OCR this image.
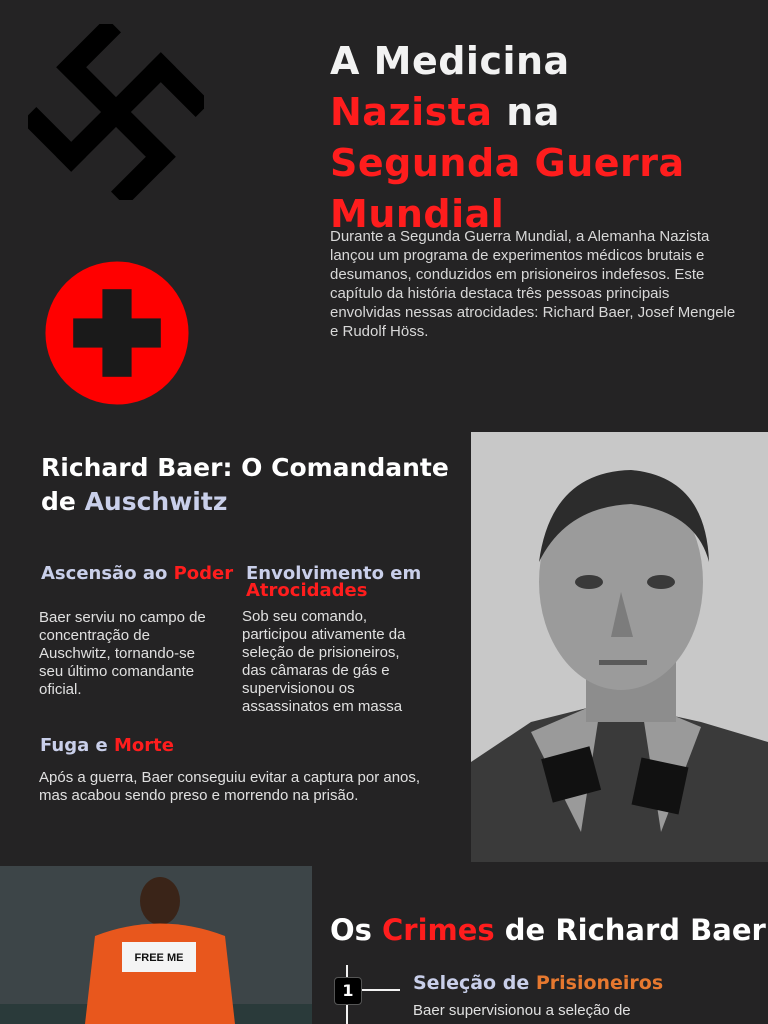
A Medicina
Nazista na
Segunda Guerra
Mundial

Durante a Segunda Guerra Mundial, a Alemanha Nazista lançou um programa de experimentos médicos brutais e desumanos, conduzidos em prisioneiros indefesos. Este capítulo da história destaca três pessoas principais envolvidas nessas atrocidades: Richard Baer, Josef Mengele e Rudolf Höss.

Richard Baer: O Comandante de Auschwitz
Ascensão ao Poder

Baer serviu no campo de concentração de Auschwitz, tornando-se seu último comandante oficial.

Envolvimento em Atrocidades

Sob seu comando, participou ativamente da seleção de prisioneiros, das câmaras de gás e supervisionou os assassinatos em massa

Fuga e Morte

Após a guerra, Baer conseguiu evitar a captura por anos, mas acabou sendo preso e morrendo na prisão.

FREE ME
Os Crimes de Richard Baer
1	Seleção de Prisioneiros

Baer supervisionou a seleção de
